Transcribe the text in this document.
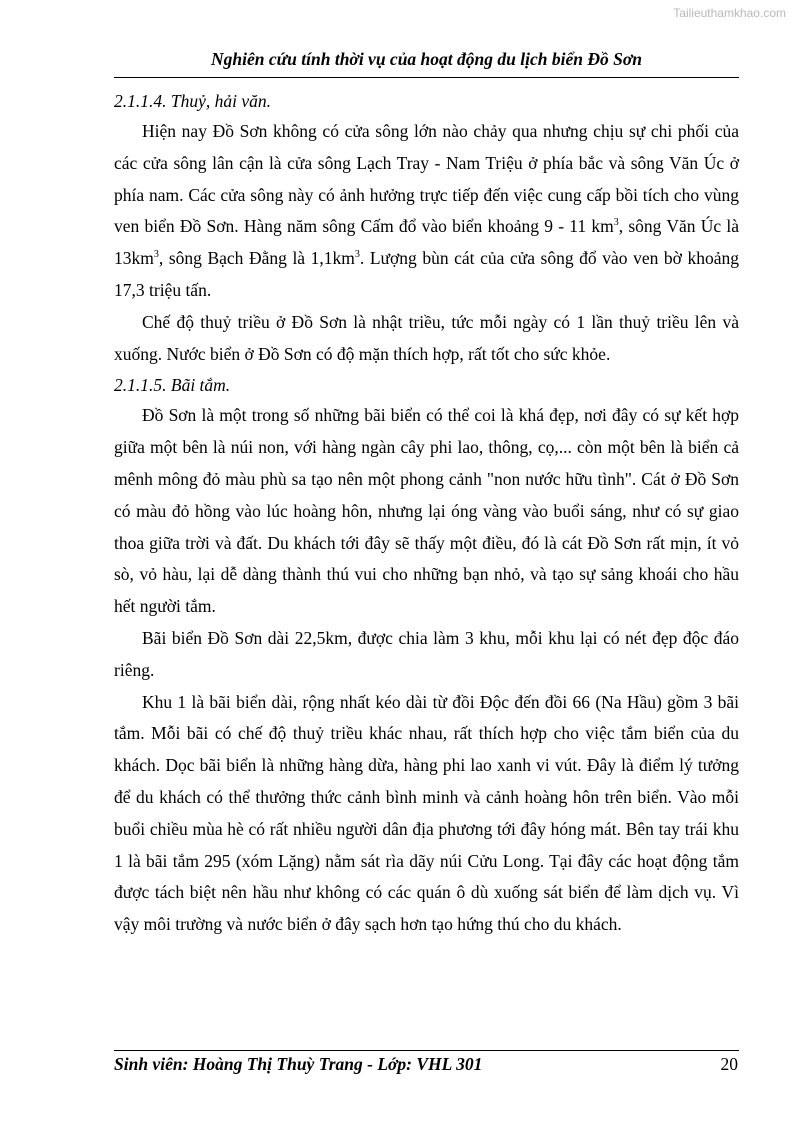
Tailieuthamkhao.com
Nghiên cứu tính thời vụ của hoạt động du lịch biển Đồ Sơn

2.1.1.4. Thuỷ, hải văn.

Hiện nay Đồ Sơn không có cửa sông lớn nào chảy qua nhưng chịu sự chi phối của các cửa sông lân cận là cửa sông Lạch Tray - Nam Triệu ở phía bắc và sông Văn Úc ở phía nam. Các cửa sông này có ảnh hưởng trực tiếp đến việc cung cấp bồi tích cho vùng ven biển Đồ Sơn. Hàng năm sông Cấm đổ vào biển khoảng 9 - 11 $km^3$, sông Văn Úc là $13km^3$, sông Bạch Đằng là $1,1km^3$. Lượng bùn cát của cửa sông đổ vào ven bờ khoảng 17,3 triệu tấn.

Chế độ thuỷ triều ở Đồ Sơn là nhật triều, tức mỗi ngày có 1 lần thuỷ triều lên và xuống. Nước biển ở Đồ Sơn có độ mặn thích hợp, rất tốt cho sức khỏe.

2.1.1.5. Bãi tắm.

Đồ Sơn là một trong số những bãi biển có thể coi là khá đẹp, nơi đây có sự kết hợp giữa một bên là núi non, với hàng ngàn cây phi lao, thông, cọ,... còn một bên là biển cả mênh mông đỏ màu phù sa tạo nên một phong cảnh "non nước hữu tình". Cát ở Đồ Sơn có màu đỏ hồng vào lúc hoàng hôn, nhưng lại óng vàng vào buổi sáng, như có sự giao thoa giữa trời và đất. Du khách tới đây sẽ thấy một điều, đó là cát Đồ Sơn rất mịn, ít vỏ sò, vỏ hàu, lại dễ dàng thành thú vui cho những bạn nhỏ, và tạo sự sảng khoái cho hầu hết người tắm.

Bãi biển Đồ Sơn dài 22,5km, được chia làm 3 khu, mỗi khu lại có nét đẹp độc đáo riêng.

Khu 1 là bãi biển dài, rộng nhất kéo dài từ đồi Độc đến đồi 66 (Na Hầu) gồm 3 bãi tắm. Mỗi bãi có chế độ thuỷ triều khác nhau, rất thích hợp cho việc tắm biển của du khách. Dọc bãi biển là những hàng dừa, hàng phi lao xanh vi vút. Đây là điểm lý tưởng để du khách có thể thưởng thức cảnh bình minh và cảnh hoàng hôn trên biển. Vào mỗi buổi chiều mùa hè có rất nhiều người dân địa phương tới đây hóng mát. Bên tay trái khu 1 là bãi tắm 295 (xóm Lặng) nằm sát rìa dãy núi Cửu Long. Tại đây các hoạt động tắm được tách biệt nên hầu như không có các quán ô dù xuống sát biển để làm dịch vụ. Vì vậy môi trường và nước biển ở đây sạch hơn tạo hứng thú cho du khách.

Sinh viên: Hoàng Thị Thuỳ Trang - Lớp: VHL 301	20
